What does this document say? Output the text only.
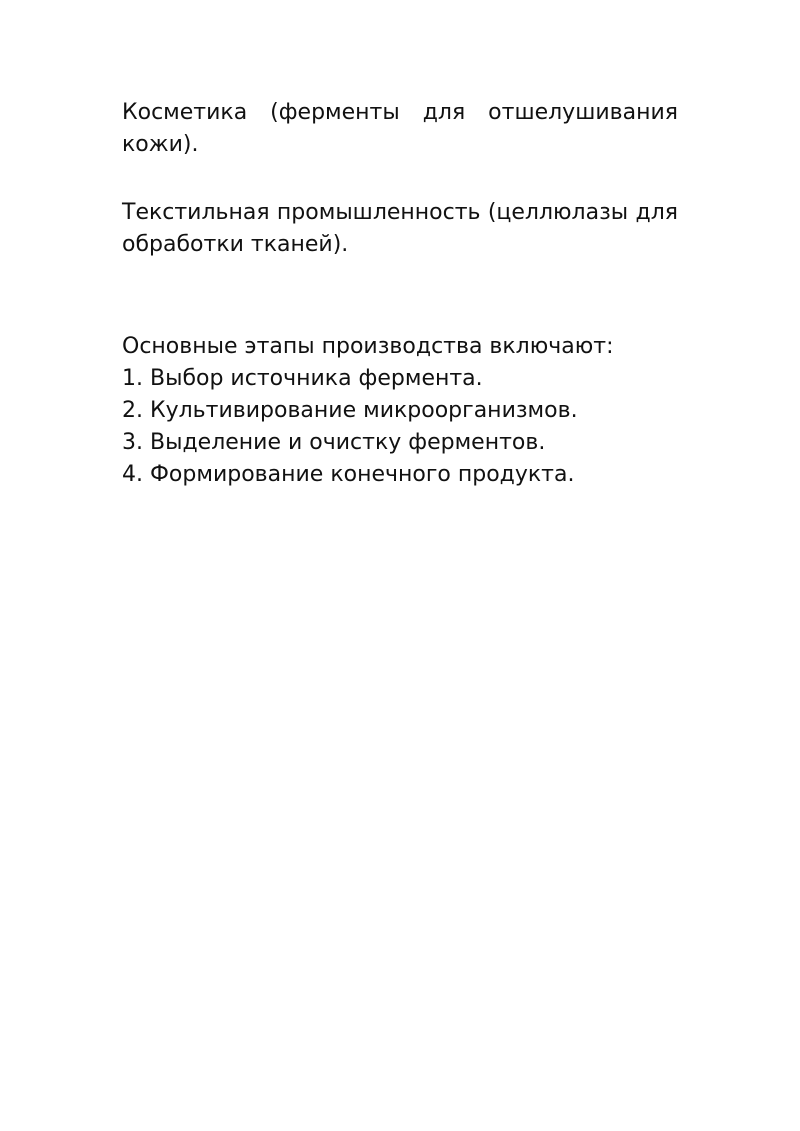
Косметика (ферменты для отшелушивания кожи).

Текстильная промышленность (целлюлазы для обработки тканей).

Основные этапы производства включают:

1. Выбор источника фермента.
2. Культивирование микроорганизмов.
3. Выделение и очистку ферментов.
4. Формирование конечного продукта.
